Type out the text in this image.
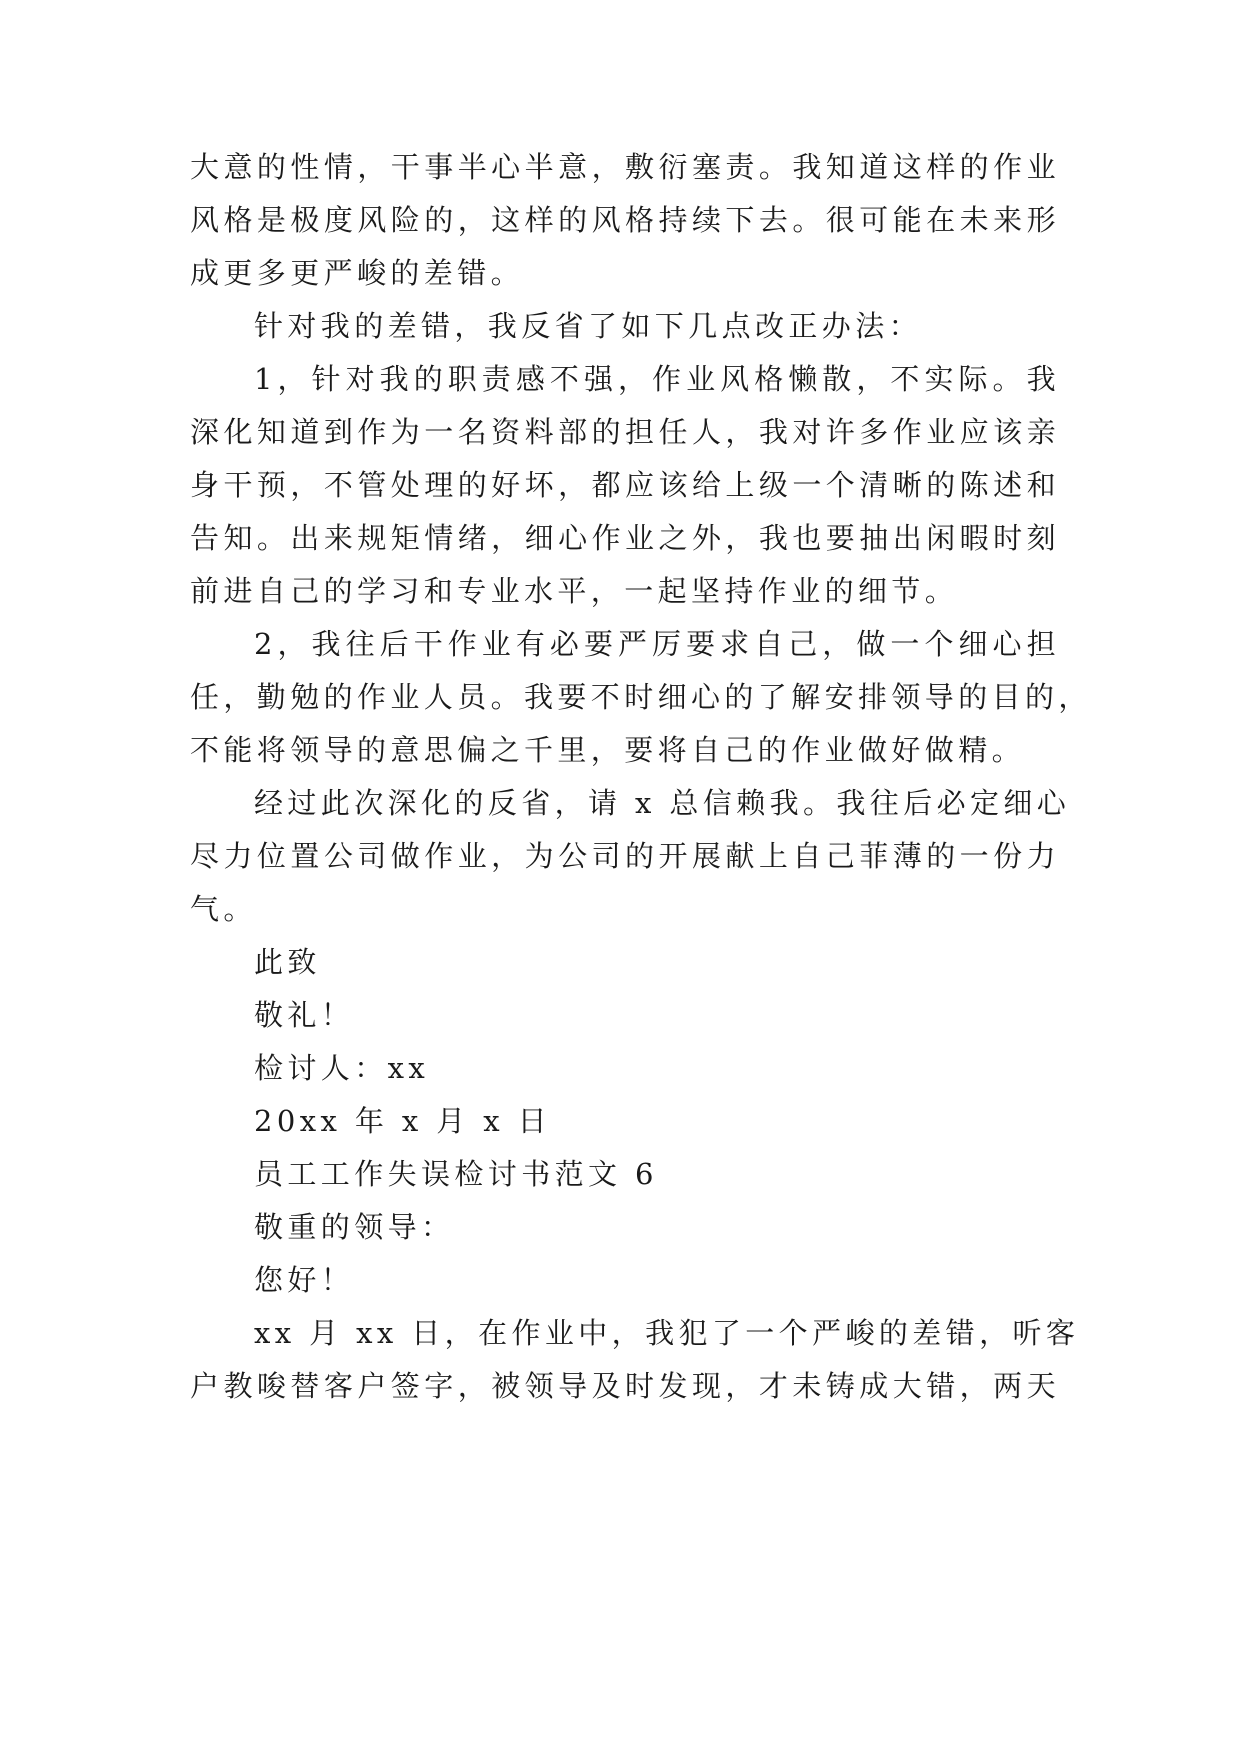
大意的性情，干事半心半意，敷衍塞责。我知道这样的作业
风格是极度风险的，这样的风格持续下去。很可能在未来形
成更多更严峻的差错。
针对我的差错，我反省了如下几点改正办法：
1，针对我的职责感不强，作业风格懒散，不实际。我
深化知道到作为一名资料部的担任人，我对许多作业应该亲
身干预，不管处理的好坏，都应该给上级一个清晰的陈述和
告知。出来规矩情绪，细心作业之外，我也要抽出闲暇时刻
前进自己的学习和专业水平，一起坚持作业的细节。
2，我往后干作业有必要严厉要求自己，做一个细心担
任，勤勉的作业人员。我要不时细心的了解安排领导的目的，
不能将领导的意思偏之千里，要将自己的作业做好做精。
经过此次深化的反省，请 x 总信赖我。我往后必定细心
尽力位置公司做作业，为公司的开展献上自己菲薄的一份力
气。
此致
敬礼！
检讨人：xx
20xx 年 x 月 x 日
员工工作失误检讨书范文 6
敬重的领导：
您好！
xx 月 xx 日，在作业中，我犯了一个严峻的差错，听客
户教唆替客户签字，被领导及时发现，才未铸成大错，两天
